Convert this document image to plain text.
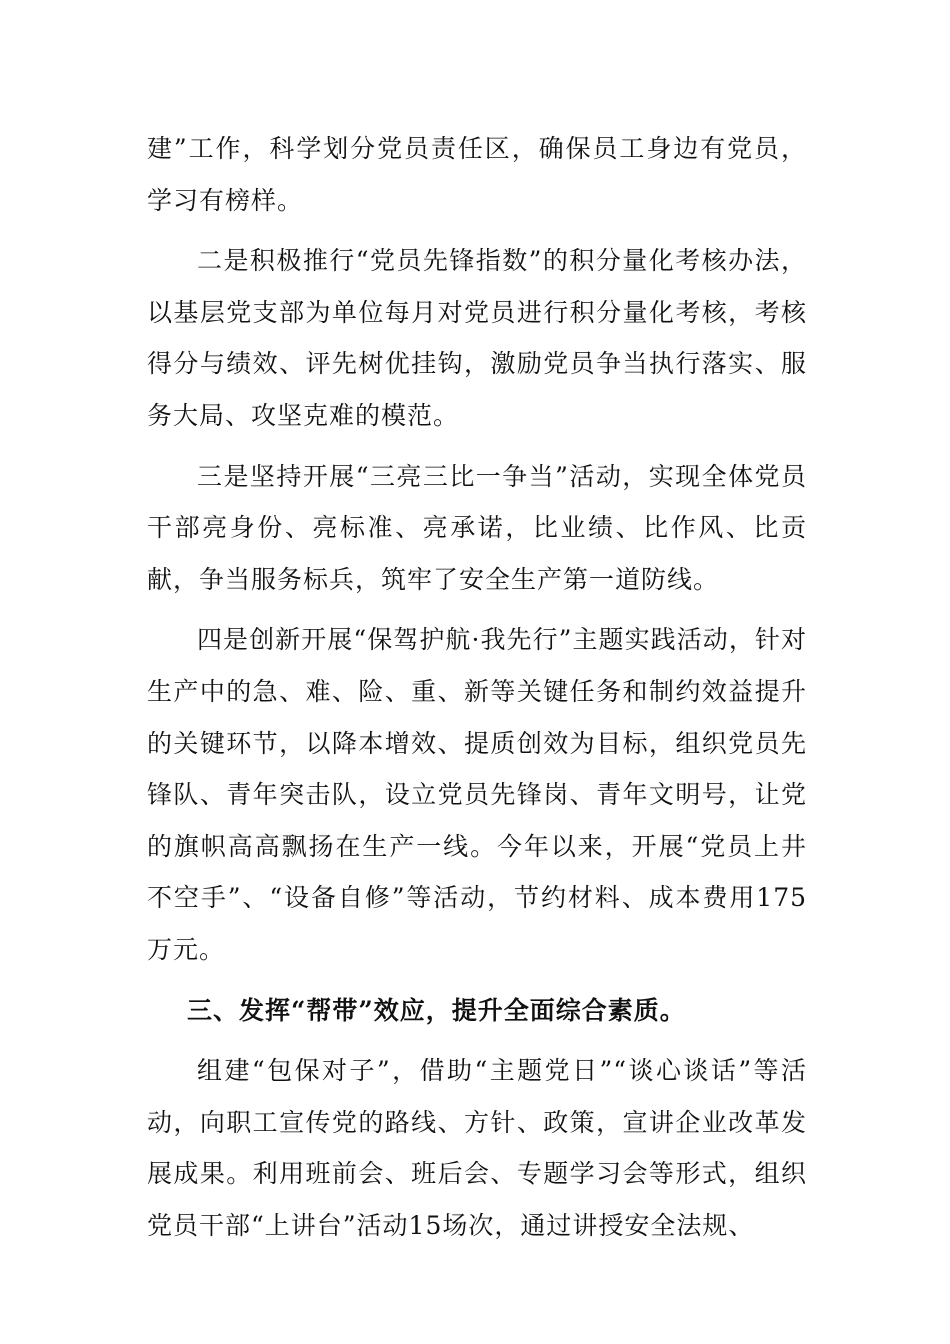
建”工作，科学划分党员责任区，确保员工身边有党员，学习有榜样。

二是积极推行“党员先锋指数”的积分量化考核办法，以基层党支部为单位每月对党员进行积分量化考核，考核得分与绩效、评先树优挂钩，激励党员争当执行落实、服务大局、攻坚克难的模范。

三是坚持开展“三亮三比一争当”活动，实现全体党员干部亮身份、亮标准、亮承诺，比业绩、比作风、比贡献，争当服务标兵，筑牢了安全生产第一道防线。

四是创新开展“保驾护航·我先行”主题实践活动，针对生产中的急、难、险、重、新等关键任务和制约效益提升的关键环节，以降本增效、提质创效为目标，组织党员先锋队、青年突击队，设立党员先锋岗、青年文明号，让党的旗帜高高飘扬在生产一线。今年以来，开展“党员上井不空手”、“设备自修”等活动，节约材料、成本费用175万元。

三、发挥“帮带”效应，提升全面综合素质。

组建“包保对子”，借助“主题党日”“谈心谈话”等活动，向职工宣传党的路线、方针、政策，宣讲企业改革发展成果。利用班前会、班后会、专题学习会等形式，组织党员干部“上讲台”活动15场次，通过讲授安全法规、
